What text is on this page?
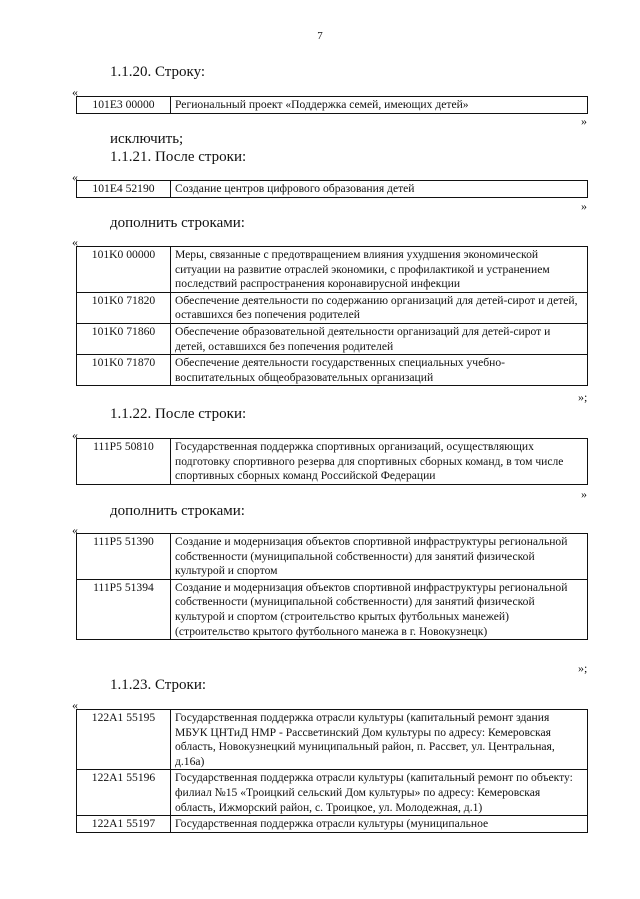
7
1.1.20. Строку:
«
101E3 00000	Региональный проект «Поддержка семей, имеющих детей»
»
исключить;
1.1.21. После строки:
«
101E4 52190	Создание центров цифрового образования детей
»
дополнить строками:
«
101K0 00000	Меры, связанные с предотвращением влияния ухудшения экономической ситуации на развитие отраслей экономики, с профилактикой и устранением последствий распространения коронавирусной инфекции
101K0 71820	Обеспечение деятельности по содержанию организаций для детей-сирот и детей, оставшихся без попечения родителей
101K0 71860	Обеспечение образовательной деятельности организаций для детей-сирот и детей, оставшихся без попечения родителей
101K0 71870	Обеспечение деятельности государственных специальных учебно-воспитательных общеобразовательных организаций
»;
1.1.22. После строки:
«
111P5 50810	Государственная поддержка спортивных организаций, осуществляющих подготовку спортивного резерва для спортивных сборных команд, в том числе спортивных сборных команд Российской Федерации
»
дополнить строками:
«
111P5 51390	Создание и модернизация объектов спортивной инфраструктуры региональной собственности (муниципальной собственности) для занятий физической культурой и спортом
111P5 51394	Создание и модернизация объектов спортивной инфраструктуры региональной собственности (муниципальной собственности) для занятий физической культурой и спортом (строительство крытых футбольных манежей) (строительство крытого футбольного манежа в г. Новокузнецк)
»;
1.1.23. Строки:
«
122A1 55195	Государственная поддержка отрасли культуры (капитальный ремонт здания МБУК ЦНТиД НМР - Рассветинский Дом культуры по адресу: Кемеровская область, Новокузнецкий муниципальный район, п. Рассвет, ул. Центральная, д.16а)
122A1 55196	Государственная поддержка отрасли культуры (капитальный ремонт по объекту: филиал №15 «Троицкий сельский Дом культуры» по адресу: Кемеровская область, Ижморский район, с. Троицкое, ул. Молодежная, д.1)
122A1 55197	Государственная поддержка отрасли культуры (муниципальное
